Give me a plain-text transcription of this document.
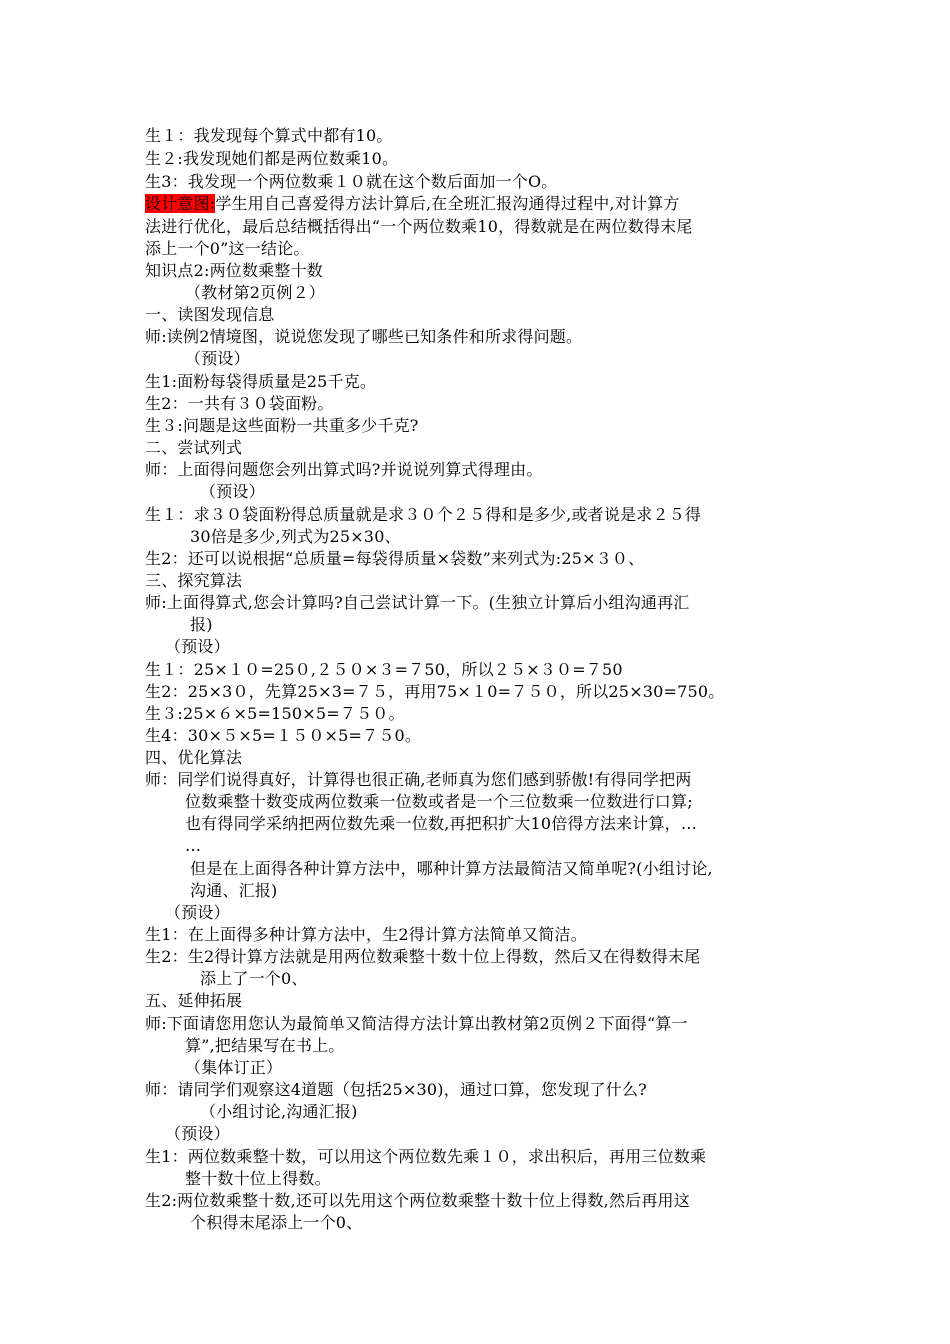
生１：我发现每个算式中都有10。
生２:我发现她们都是两位数乘10。
生3：我发现一个两位数乘１０就在这个数后面加一个O。
设计意图:学生用自己喜爱得方法计算后,在全班汇报沟通得过程中,对计算方
法进行优化，最后总结概括得出“一个两位数乘10，得数就是在两位数得末尾
添上一个0”这一结论。
知识点2:两位数乘整十数
（教材第2页例２）
一、读图发现信息
师:读例2情境图，说说您发现了哪些已知条件和所求得问题。
（预设）
生1:面粉每袋得质量是25千克。
生2：一共有３０袋面粉。
生３:问题是这些面粉一共重多少千克?
二、尝试列式
师：上面得问题您会列出算式吗?并说说列算式得理由。
（预设）
生１：求３０袋面粉得总质量就是求３０个２５得和是多少,或者说是求２５得
30倍是多少,列式为25×30、
生2：还可以说根据“总质量=每袋得质量×袋数”来列式为:25×３０、
三、探究算法
师:上面得算式,您会计算吗?自己尝试计算一下。(生独立计算后小组沟通再汇
报)
（预设）
生１：25×１０=25０,２５０×３=７50，所以２５×３０=７50
生2：25×3０，先算25×3=７５，再用75×１0=７５０，所以25×30=750。
生３:25×６×5=150×5=７５０。
生4：30×５×5=１５０×5=７５0。
四、优化算法
师：同学们说得真好，计算得也很正确,老师真为您们感到骄傲!有得同学把两
位数乘整十数变成两位数乘一位数或者是一个三位数乘一位数进行口算;
也有得同学采纳把两位数先乘一位数,再把积扩大10倍得方法来计算，…
…
但是在上面得各种计算方法中，哪种计算方法最简洁又简单呢?(小组讨论,
沟通、汇报)
（预设）
生1：在上面得多种计算方法中，生2得计算方法简单又简洁。
生2：生2得计算方法就是用两位数乘整十数十位上得数，然后又在得数得末尾
添上了一个0、
五、延伸拓展
师:下面请您用您认为最简单又简洁得方法计算出教材第2页例２下面得“算一
算”,把结果写在书上。
（集体订正）
师：请同学们观察这4道题（包括25×30)，通过口算，您发现了什么?
（小组讨论,沟通汇报)
（预设）
生1：两位数乘整十数，可以用这个两位数先乘１０，求出积后，再用三位数乘
整十数十位上得数。
生2:两位数乘整十数,还可以先用这个两位数乘整十数十位上得数,然后再用这
个积得末尾添上一个0、
